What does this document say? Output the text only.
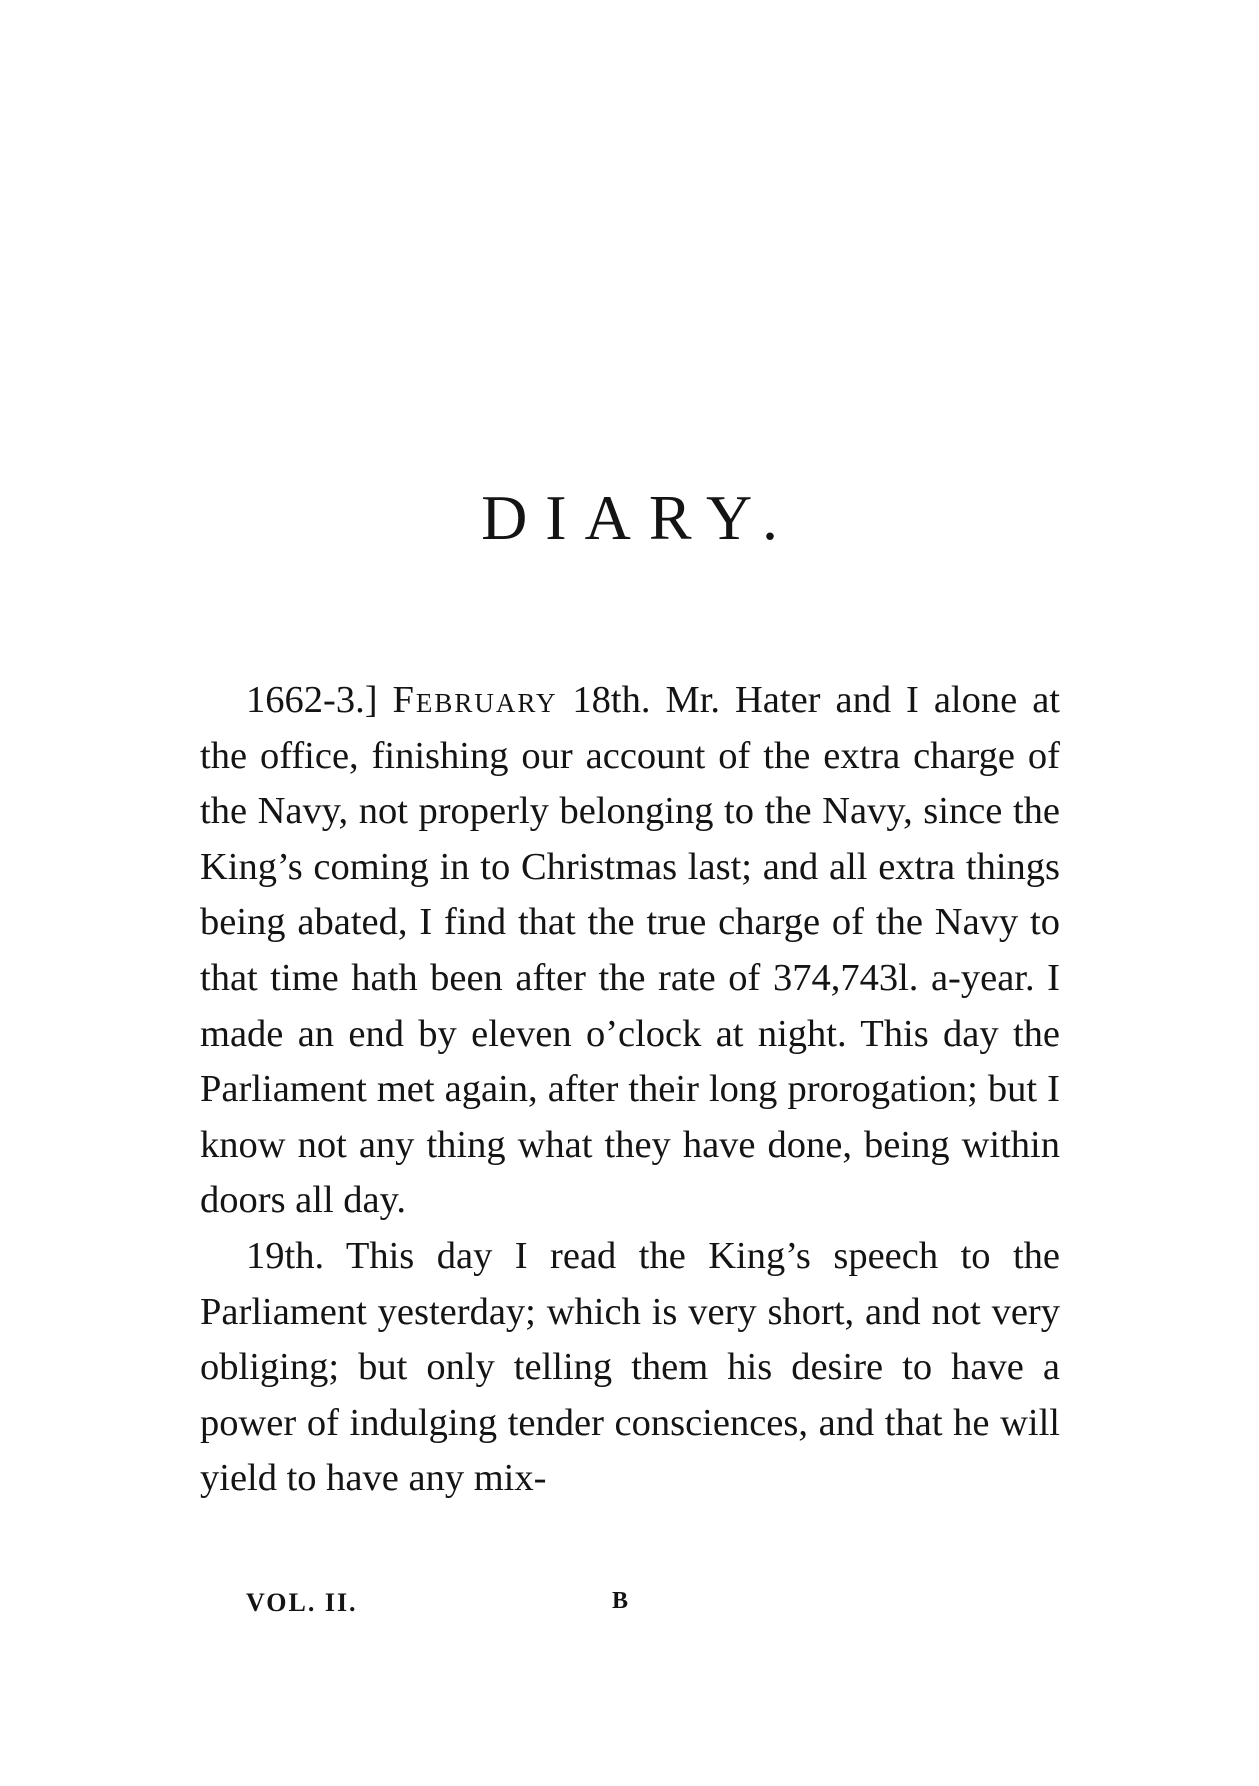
DIARY.

1662-3.] February 18th. Mr. Hater and I alone at the office, finishing our account of the extra charge of the Navy, not properly belonging to the Navy, since the King’s coming in to Christmas last; and all extra things being abated, I find that the true charge of the Navy to that time hath been after the rate of 374,743l. a-year. I made an end by eleven o’clock at night. This day the Parliament met again, after their long prorogation; but I know not any thing what they have done, being within doors all day.

19th. This day I read the King’s speech to the Parliament yesterday; which is very short, and not very obliging; but only telling them his desire to have a power of indulging tender consciences, and that he will yield to have any mix-

VOL. II.	B
